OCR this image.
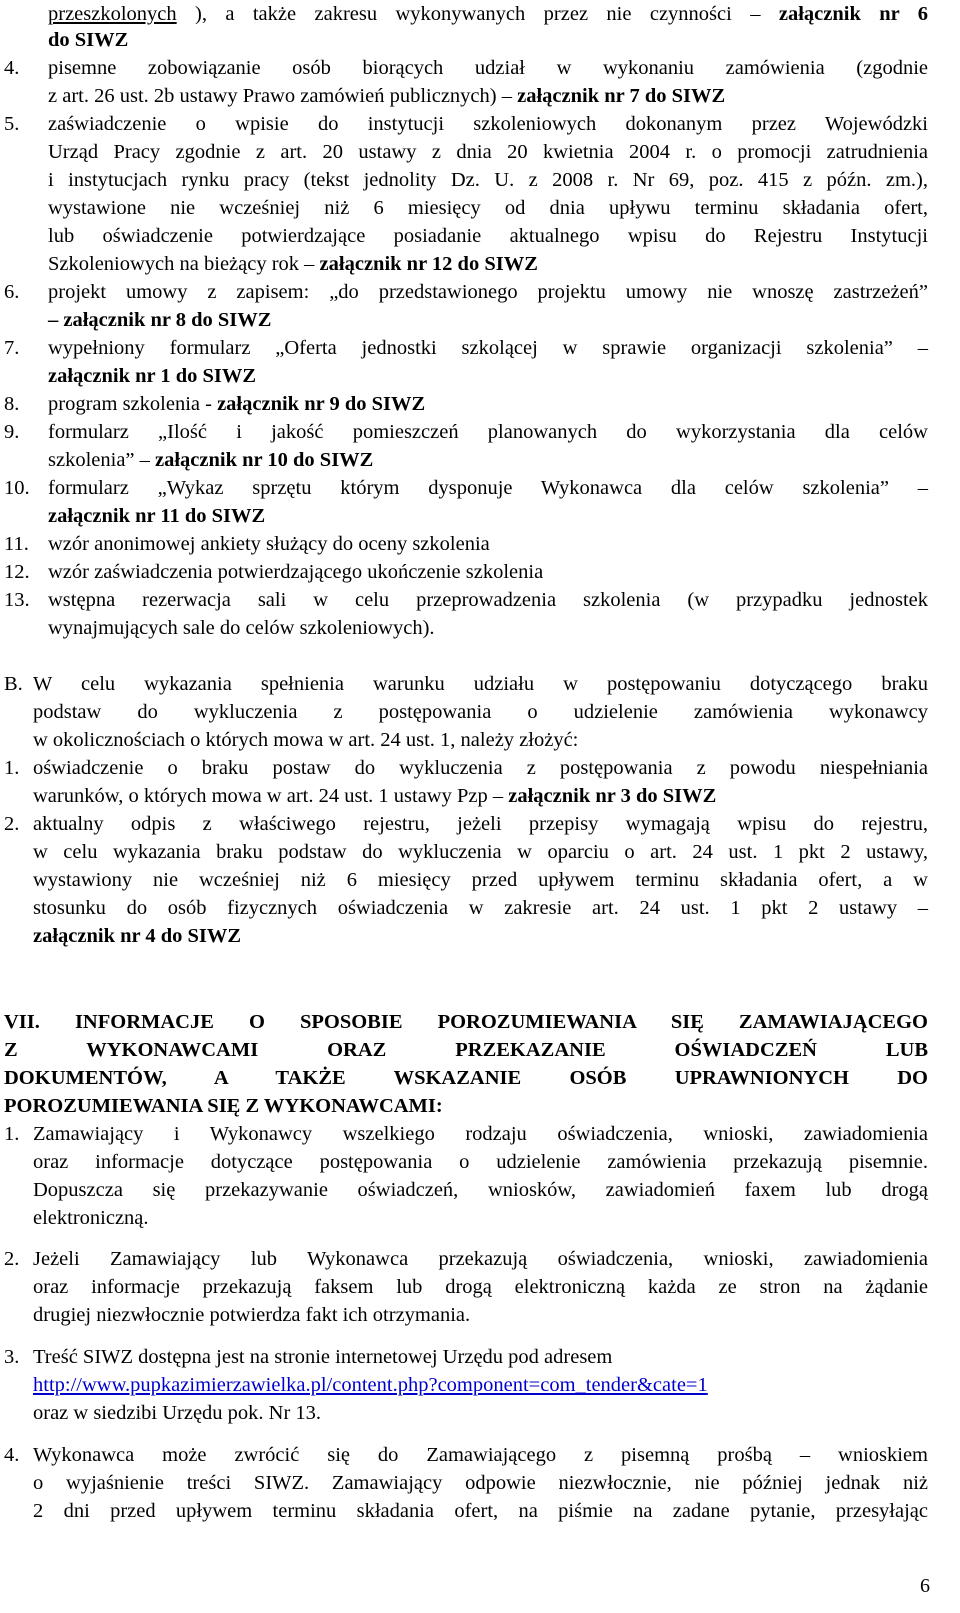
przeszkolonych ), a także zakresu wykonywanych przez nie czynności – załącznik nr 6
do SIWZ
4. pisemne zobowiązanie osób biorących udział w wykonaniu zamówienia (zgodnie
z art. 26 ust. 2b ustawy Prawo zamówień publicznych) – załącznik nr 7 do SIWZ
5. zaświadczenie o wpisie do instytucji szkoleniowych dokonanym przez Wojewódzki
Urząd Pracy zgodnie z art. 20 ustawy z dnia 20 kwietnia 2004 r. o promocji zatrudnienia
i instytucjach rynku pracy (tekst jednolity Dz. U. z 2008 r. Nr 69, poz. 415 z późn. zm.),
wystawione nie wcześniej niż 6 miesięcy od dnia upływu terminu składania ofert,
lub oświadczenie potwierdzające posiadanie aktualnego wpisu do Rejestru Instytucji
Szkoleniowych na bieżący rok – załącznik nr 12 do SIWZ
6. projekt umowy z zapisem: „do przedstawionego projektu umowy nie wnoszę zastrzeżeń”
– załącznik nr 8 do SIWZ
7. wypełniony formularz „Oferta jednostki szkolącej w sprawie organizacji szkolenia” –
załącznik nr 1 do SIWZ
8. program szkolenia - załącznik nr 9 do SIWZ
9. formularz „Ilość i jakość pomieszczeń planowanych do wykorzystania dla celów
szkolenia” – załącznik nr 10 do SIWZ
10. formularz „Wykaz sprzętu którym dysponuje Wykonawca dla celów szkolenia” –
załącznik nr 11 do SIWZ
11. wzór anonimowej ankiety służący do oceny szkolenia
12. wzór zaświadczenia potwierdzającego ukończenie szkolenia
13. wstępna rezerwacja sali w celu przeprowadzenia szkolenia (w przypadku jednostek
wynajmujących sale do celów szkoleniowych).
B. W celu wykazania spełnienia warunku udziału w postępowaniu dotyczącego braku
podstaw do wykluczenia z postępowania o udzielenie zamówienia wykonawcy
w okolicznościach o których mowa w art. 24 ust. 1, należy złożyć:
1. oświadczenie o braku postaw do wykluczenia z postępowania z powodu niespełniania
warunków, o których mowa w art. 24 ust. 1 ustawy Pzp – załącznik nr 3 do SIWZ
2. aktualny odpis z właściwego rejestru, jeżeli przepisy wymagają wpisu do rejestru,
w celu wykazania braku podstaw do wykluczenia w oparciu o art. 24 ust. 1 pkt 2 ustawy,
wystawiony nie wcześniej niż 6 miesięcy przed upływem terminu składania ofert, a w
stosunku do osób fizycznych oświadczenia w zakresie art. 24 ust. 1 pkt 2 ustawy –
załącznik nr 4 do SIWZ
VII. INFORMACJE O SPOSOBIE POROZUMIEWANIA SIĘ ZAMAWIAJĄCEGO
Z WYKONAWCAMI ORAZ PRZEKAZANIE OŚWIADCZEŃ LUB
DOKUMENTÓW, A TAKŻE WSKAZANIE OSÓB UPRAWNIONYCH DO
POROZUMIEWANIA SIĘ Z WYKONAWCAMI:
1. Zamawiający i Wykonawcy wszelkiego rodzaju oświadczenia, wnioski, zawiadomienia
oraz informacje dotyczące postępowania o udzielenie zamówienia przekazują pisemnie.
Dopuszcza się przekazywanie oświadczeń, wniosków, zawiadomień faxem lub drogą
elektroniczną.
2. Jeżeli Zamawiający lub Wykonawca przekazują oświadczenia, wnioski, zawiadomienia
oraz informacje przekazują faksem lub drogą elektroniczną każda ze stron na żądanie
drugiej niezwłocznie potwierdza fakt ich otrzymania.
3. Treść SIWZ dostępna jest na stronie internetowej Urzędu pod adresem
http://www.pupkazimierzawielka.pl/content.php?component=com_tender&cate=1
oraz w siedzibi Urzędu pok. Nr 13.
4. Wykonawca może zwrócić się do Zamawiającego z pisemną prośbą – wnioskiem
o wyjaśnienie treści SIWZ. Zamawiający odpowie niezwłocznie, nie później jednak niż
2 dni przed upływem terminu składania ofert, na piśmie na zadane pytanie, przesyłając
6
